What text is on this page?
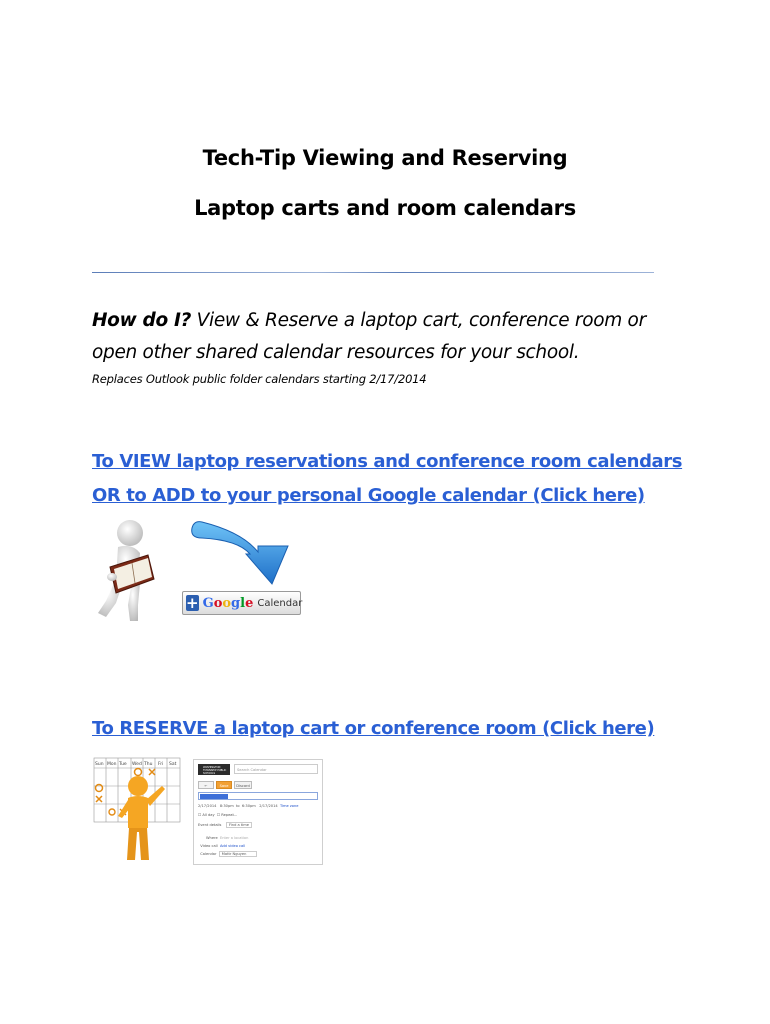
Tech-Tip Viewing and Reserving
Laptop carts and room calendars
How do I? View & Reserve a laptop cart, conference room or
open other shared calendar resources for your school.
Replaces Outlook public folder calendars starting 2/17/2014
To VIEW laptop reservations and conference room calendars
OR to ADD to your personal Google calendar (Click here)
+ Google Calendar
To RESERVE a laptop cart or conference room (Click here)
Sun Mon Tue Wed Thu Fri Sat
WASHINGTON TOWNSHIP PUBLIC SCHOOLS
Search Calendar
←	Save	Discard
2/17/2014 8:30pm  to  6:30pm 2/17/2014 Time zone
☐ All day  ☐ Repeat...
Event details Find a time
Where Enter a location
Video call Add video call
Calendar Mattr Nguyen
